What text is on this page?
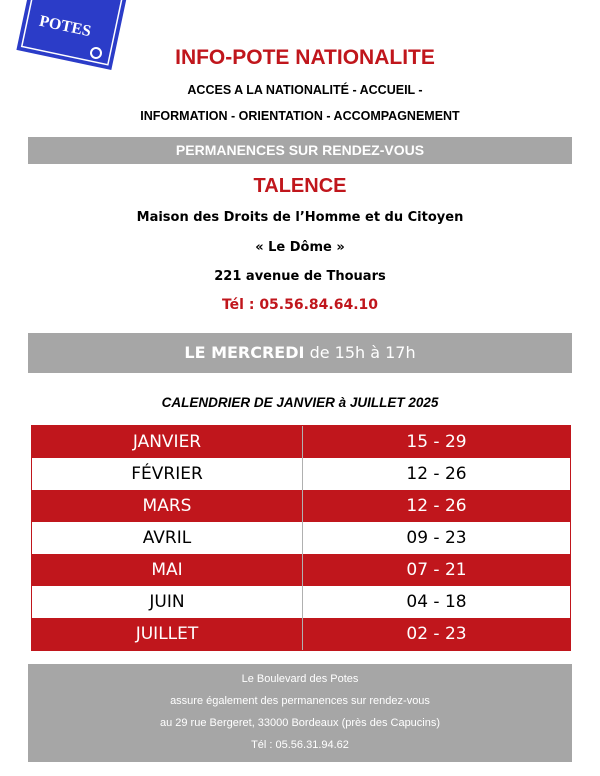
POTES
INFO-POTE NATIONALITE
ACCES A LA NATIONALITÉ - ACCUEIL -
INFORMATION - ORIENTATION - ACCOMPAGNEMENT
PERMANENCES SUR RENDEZ-VOUS
TALENCE
Maison des Droits de l’Homme et du Citoyen
« Le Dôme »
221 avenue de Thouars
Tél : 05.56.84.64.10
LE MERCREDI de 15h à 17h
CALENDRIER DE JANVIER à JUILLET 2025
JANVIER	15 - 29
FÉVRIER	12 - 26
MARS	12 - 26
AVRIL	09 - 23
MAI	07 - 21
JUIN	04 - 18
JUILLET	02 - 23
Le Boulevard des Potes
assure également des permanences sur rendez-vous
au 29 rue Bergeret, 33000 Bordeaux (près des Capucins)
Tél : 05.56.31.94.62
